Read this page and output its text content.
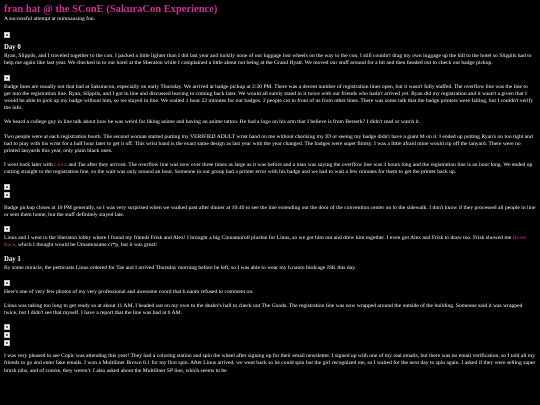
fran hat @ the SConE (SakuraCon Experience)
A successful attempt at mimnausing fun.
Day 0

Ryan, Slippils, and I traveled together to the con. I packed a little lighter than I did last year and luckily none of our luggage lost wheels on the way to the con. I still couldn't drag my own luggage up the hill to the hotel so Slippils had to help me again like last year. We checked in to our hotel at the Sheraton while I complained a little about not being at the Grand Hyatt. We moved our stuff around for a bit and then headed out to check out badge pickup.

Badge lines are usually not that bad at Sakuracon, especially on early Thursday. We arrived at badge pickup at 2:30 PM. There was a decent number of registration lines open, but it wasn't fully staffed. The overflow line was the line to get into the registration line. Ryan, Slippils, and I got in line and discussed leaving to coming back later. We would all surely stand in it twice with our friends who hadn't arrived yet. Ryan did my registration and it wasn't a given that I would be able to pick up my badge without him, so we stayed in line. We waited 1 hour 22 minutes for our badges. 3 people cut in front of us from other lines. There was some talk that the badge printers were failing, but I couldn't verify the info.

We heard a college guy in line talk about how he was weird for liking anime and having an anime tattoo. He had a logo on his arm that I believe is from Berserk? I didn't read or watch it.

Two people were at each registration booth. The second woman started putting my VERIFIED ADULT wrist band on me without checking my ID or seeing my badge didn't have a giant M on it. I ended up putting Ryan's on too tight and had to play with his wrist for a half hour later to get it off. This wrist band is the exact same design as last year with the year changed. The badges were super flimsy. I was a little afraid mine would rip off the lanyard. There were no printed lanyards this year, only plain black ones.

I went back later with Linus and Tae after they arrived. The overflow line was now over three times as large as it was before and a man was saying the overflow line was 3 hours long and the registration line is an hour long. We ended up cutting straight to the registration line, so the wait was only around an hour. Someone in our group had a printer error with his badge and we had to wait a few minutes for them to get the printer back up.

Badge pickup closes at 10 PM generally, so I was very surprised when we walked past after dinner at 10:40 to see the line extending out the door of the convention center on to the sidewalk. I don't know if they processed all people in line or sent them home, but the staff definitely stayed late.

Linus and I went to the Sheraton lobby where I found my friends Frisk and Alex! I brought a big Cinnamoroll plushie for Linus, so we got him out and drew him together. I even got Alex and Frisk to draw too. Frisk showed me Horse Race, which I thought would be Umamusume cr*p, but it was great!

Day 1

By some miracle, the petticoats Linus ordered for Tae and I arrived Thursday morning before he left, so I was able to wear my h.naoto birdcage JSK this day.

Here's one of very few photos of my very professional and awesome coord that h.naoto refused to comment on.

Linus was taking too long to get ready so at about 11 AM, I headed out on my own to the dealer's hall to check out The Goods. The registration line was now wrapped around the outside of the building. Someone said it was wrapped twice, but I didn't see that myself. I have a report that the line was bad at 6 AM.

I was very pleased to see Copic was attending this year! They had a coloring station and spin the wheel after signing up for their email newsletter. I signed up with one of my real emails, but there was no email verification, so I told all my friends to go and enter fake emails. I won a Multiliner Brown 0.1 for my first spin. After Linus arrived, we went back so he could spin but the girl recognized me, so I waited for the next day to spin again. I asked if they were selling super brush nibs, and of course, they weren't. I also asked about the Multiliner SP line, which seems to be
